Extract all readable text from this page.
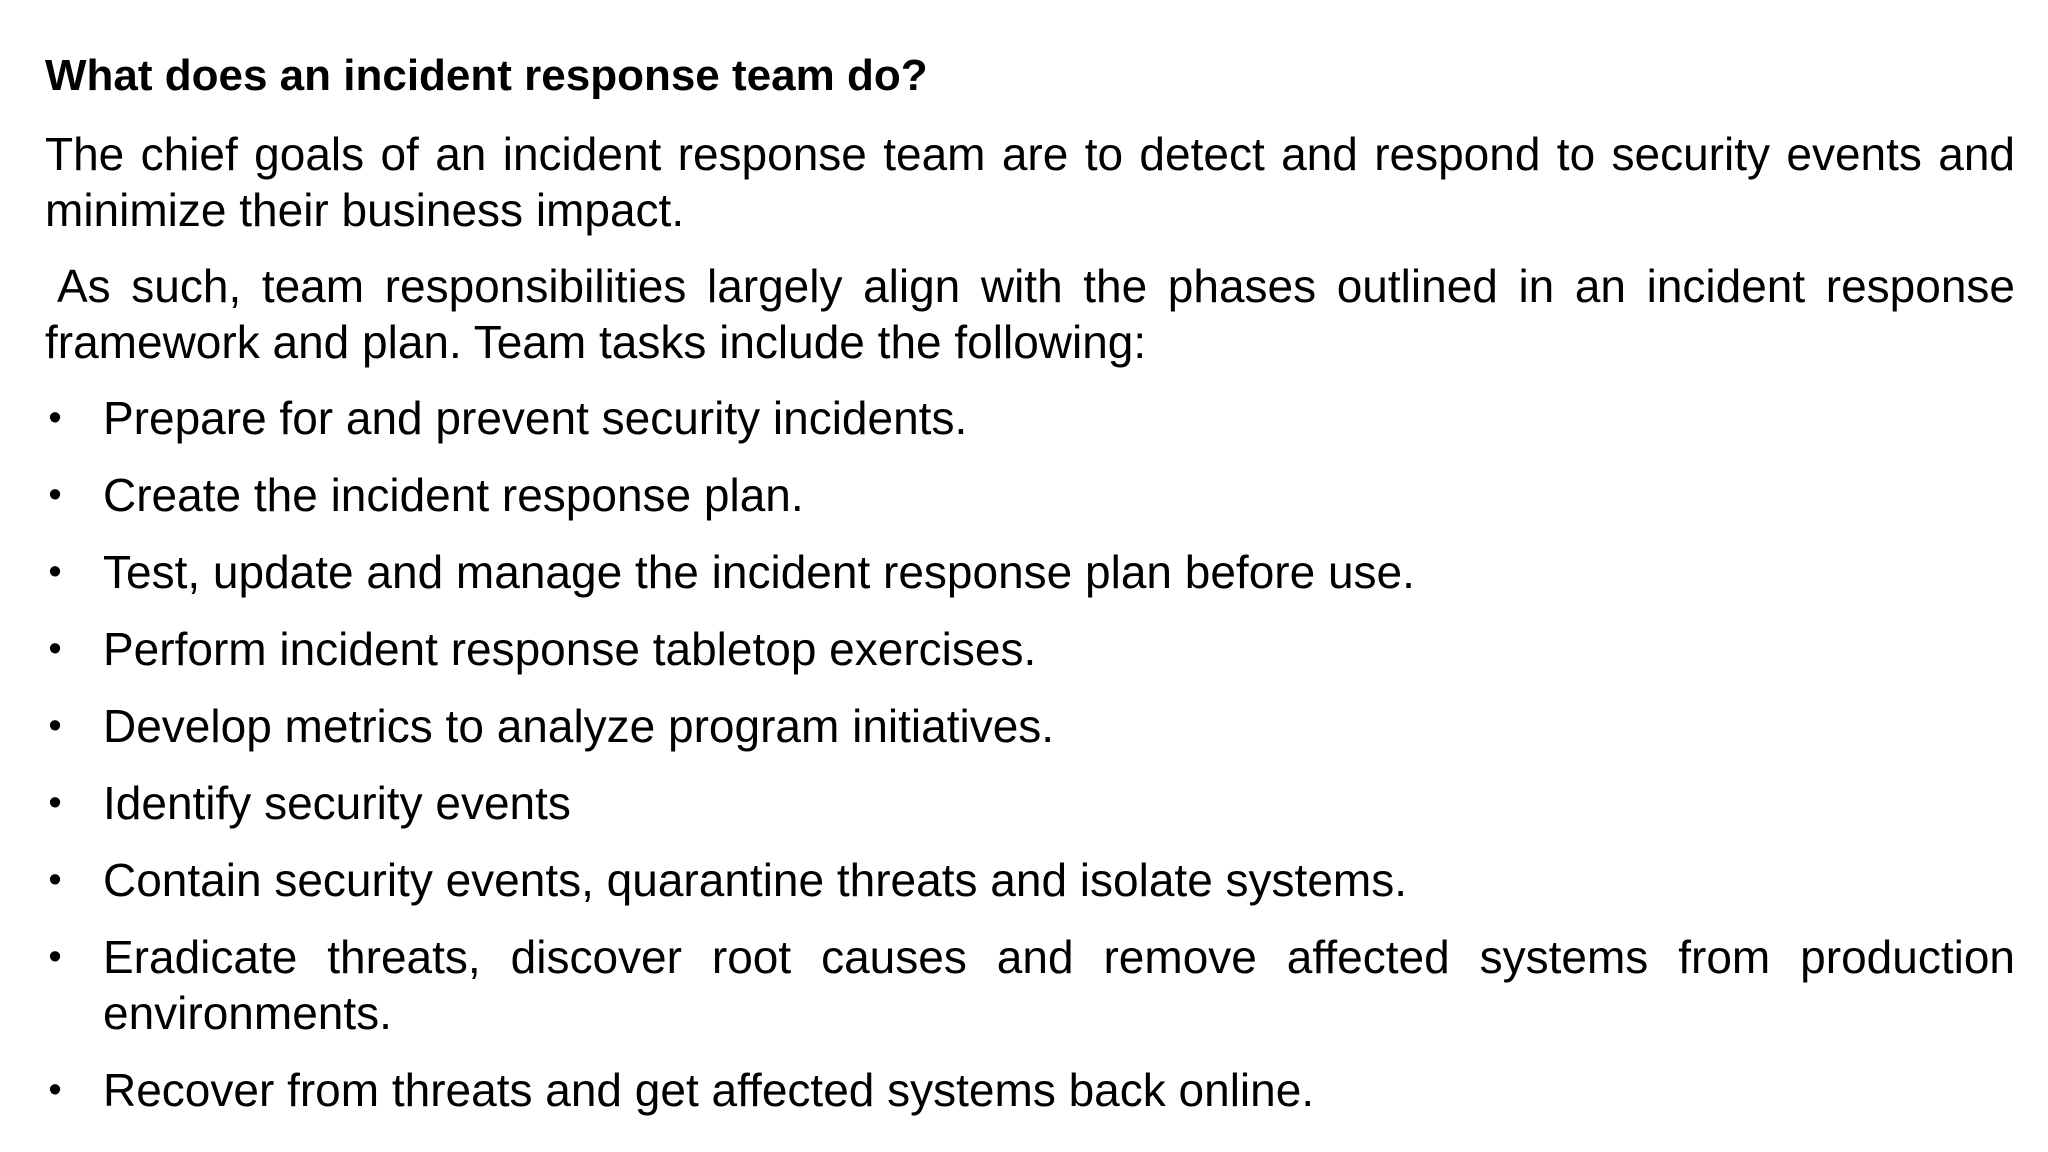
What does an incident response team do?

The chief goals of an incident response team are to detect and respond to security events and minimize their business impact.

As such, team responsibilities largely align with the phases outlined in an incident response framework and plan. Team tasks include the following:

• Prepare for and prevent security incidents.
• Create the incident response plan.
• Test, update and manage the incident response plan before use.
• Perform incident response tabletop exercises.
• Develop metrics to analyze program initiatives.
• Identify security events
• Contain security events, quarantine threats and isolate systems.
• Eradicate threats, discover root causes and remove affected systems from production environments.
• Recover from threats and get affected systems back online.
